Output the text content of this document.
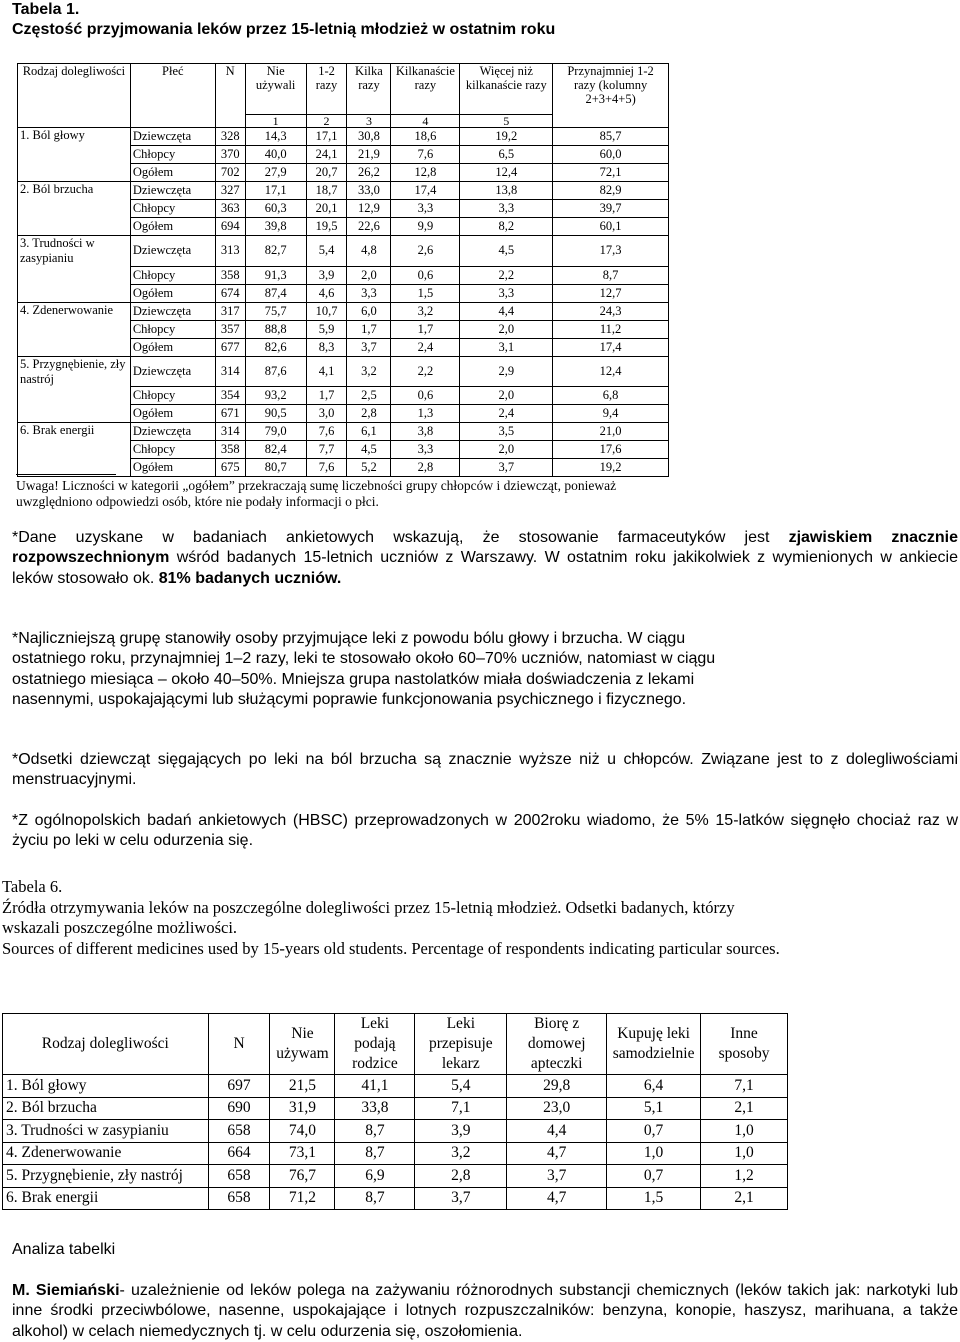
Tabela 1.
Częstość przyjmowania leków przez 15-letnią młodzież w ostatnim roku
Rodzaj dolegliwości	Płeć	N	Nie używali	1-2 razy	Kilka razy	Kilkanaście razy	Więcej niż kilkanaście razy	Przynajmniej 1-2 razy (kolumny 2+3+4+5)
			1	2	3	4	5	
1. Ból głowy	Dziewczęta	328	14,3	17,1	30,8	18,6	19,2	85,7
	Chłopcy	370	40,0	24,1	21,9	7,6	6,5	60,0
	Ogółem	702	27,9	20,7	26,2	12,8	12,4	72,1
2. Ból brzucha	Dziewczęta	327	17,1	18,7	33,0	17,4	13,8	82,9
	Chłopcy	363	60,3	20,1	12,9	3,3	3,3	39,7
	Ogółem	694	39,8	19,5	22,6	9,9	8,2	60,1
3. Trudności w zasypianiu	Dziewczęta	313	82,7	5,4	4,8	2,6	4,5	17,3
	Chłopcy	358	91,3	3,9	2,0	0,6	2,2	8,7
	Ogółem	674	87,4	4,6	3,3	1,5	3,3	12,7
4. Zdenerwowanie	Dziewczęta	317	75,7	10,7	6,0	3,2	4,4	24,3
	Chłopcy	357	88,8	5,9	1,7	1,7	2,0	11,2
	Ogółem	677	82,6	8,3	3,7	2,4	3,1	17,4
5. Przygnębienie, zły nastrój	Dziewczęta	314	87,6	4,1	3,2	2,2	2,9	12,4
	Chłopcy	354	93,2	1,7	2,5	0,6	2,0	6,8
	Ogółem	671	90,5	3,0	2,8	1,3	2,4	9,4
6. Brak energii	Dziewczęta	314	79,0	7,6	6,1	3,8	3,5	21,0
	Chłopcy	358	82,4	7,7	4,5	3,3	2,0	17,6
	Ogółem	675	80,7	7,6	5,2	2,8	3,7	19,2
Uwaga! Liczności w kategorii „ogółem” przekraczają sumę liczebności grupy chłopców i dziewcząt, ponieważ uwzględniono odpowiedzi osób, które nie podały informacji o płci.
*Dane uzyskane w badaniach ankietowych wskazują, że stosowanie farmaceutyków jest zjawiskiem znacznie rozpowszechnionym wśród badanych 15-letnich uczniów z Warszawy. W ostatnim roku jakikolwiek z wymienionych w ankiecie leków stosowało ok. 81% badanych uczniów.
*Najliczniejszą grupę stanowiły osoby przyjmujące leki z powodu bólu głowy i brzucha. W ciągu ostatniego roku, przynajmniej 1–2 razy, leki te stosowało około 60–70% uczniów, natomiast w ciągu ostatniego miesiąca – około 40–50%. Mniejsza grupa nastolatków miała doświadczenia z lekami nasennymi, uspokajającymi lub służącymi poprawie funkcjonowania psychicznego i fizycznego.
*Odsetki dziewcząt sięgających po leki na ból brzucha są znacznie wyższe niż u chłopców. Związane jest to z dolegliwościami menstruacyjnymi.
*Z ogólnopolskich badań ankietowych (HBSC) przeprowadzonych w 2002roku wiadomo, że 5% 15-latków sięgnęło chociaż raz w życiu po leki w celu odurzenia się.
Tabela 6.
Źródła otrzymywania leków na poszczególne dolegliwości przez 15-letnią młodzież. Odsetki badanych, którzy wskazali poszczególne możliwości.
Sources of different medicines used by 15-years old students. Percentage of respondents indicating particular sources.
Rodzaj dolegliwości	N	Nie używam	Leki podają rodzice	Leki przepisuje lekarz	Biorę z domowej apteczki	Kupuję leki samodzielnie	Inne sposoby
1. Ból głowy	697	21,5	41,1	5,4	29,8	6,4	7,1
2. Ból brzucha	690	31,9	33,8	7,1	23,0	5,1	2,1
3. Trudności w zasypianiu	658	74,0	8,7	3,9	4,4	0,7	1,0
4. Zdenerwowanie	664	73,1	8,7	3,2	4,7	1,0	1,0
5. Przygnębienie, zły nastrój	658	76,7	6,9	2,8	3,7	0,7	1,2
6. Brak energii	658	71,2	8,7	3,7	4,7	1,5	2,1
Analiza tabelki
M. Siemiański- uzależnienie od leków polega na zażywaniu różnorodnych substancji chemicznych (leków takich jak: narkotyki lub inne środki przeciwbólowe, nasenne, uspokajające i lotnych rozpuszczalników: benzyna, konopie, haszysz, marihuana, a także alkohol) w celach niemedycznych tj. w celu odurzenia się, oszołomienia.
